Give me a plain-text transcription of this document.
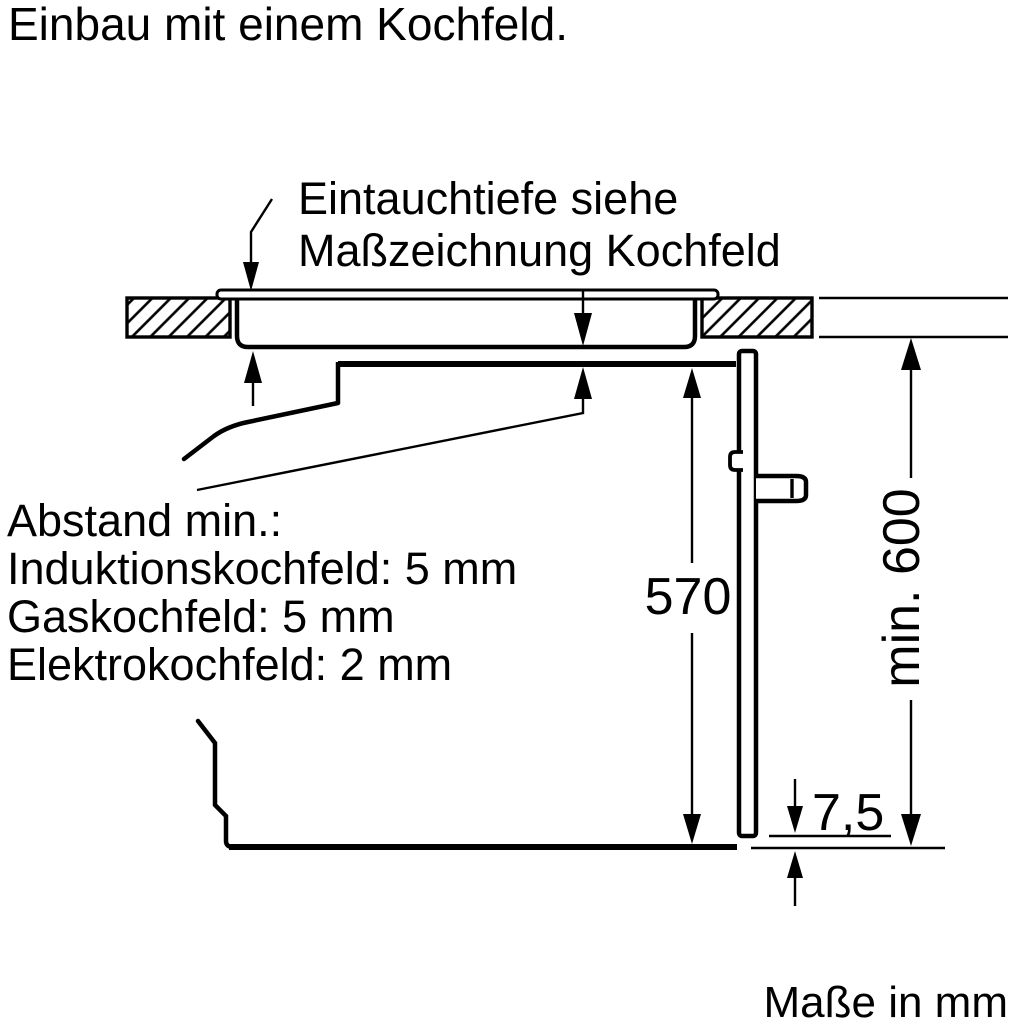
Einbau mit einem Kochfeld.
Eintauchtiefe siehe
Maßzeichnung Kochfeld
Abstand min.:
Induktionskochfeld: 5 mm
Gaskochfeld: 5 mm
Elektrokochfeld: 2 mm
570	min. 600
7,5
Maße in mm
